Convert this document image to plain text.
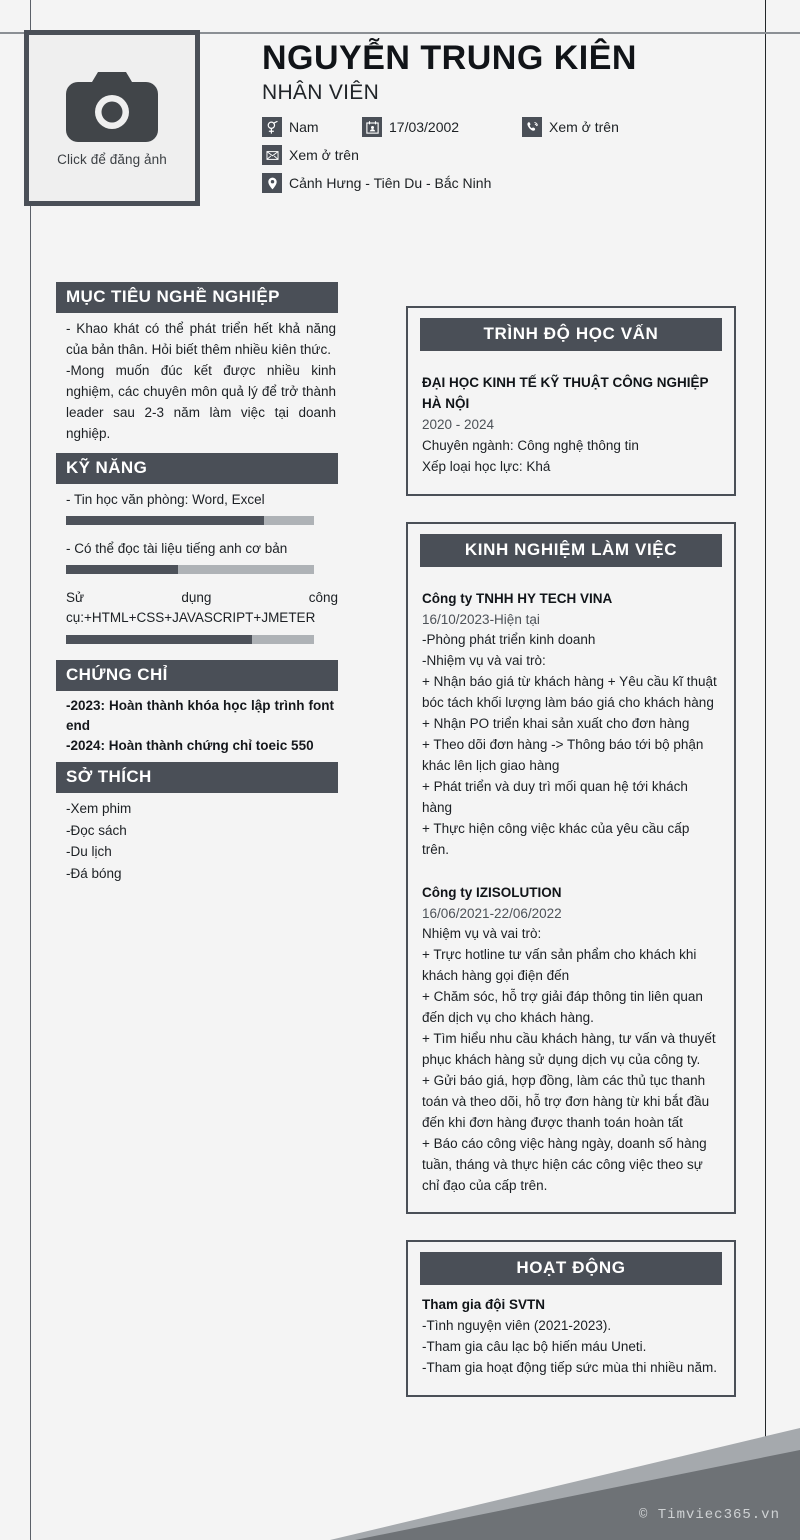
Click để đăng ảnh
NGUYỄN TRUNG KIÊN
NHÂN VIÊN
Nam	17/03/2002	Xem ở trên
Xem ở trên
Cảnh Hưng - Tiên Du - Bắc Ninh
MỤC TIÊU NGHỀ NGHIỆP

- Khao khát có thể phát triển hết khả năng của bản thân. Hỏi biết thêm nhiều kiên thức.

-Mong muốn đúc kết được nhiều kinh nghiệm, các chuyên môn quả lý để trở thành leader sau 2-3 năm làm việc tại doanh nghiệp.

KỸ NĂNG
- Tin học văn phòng: Word, Excel
- Có thể đọc tài liệu tiếng anh cơ bản
Sử dụng công cụ:+HTML+CSS+JAVASCRIPT+JMETER
CHỨNG CHỈ

-2023: Hoàn thành khóa học lập trình font end

-2024: Hoàn thành chứng chỉ toeic 550

SỞ THÍCH

-Xem phim

-Đọc sách

-Du lịch

-Đá bóng

TRÌNH ĐỘ HỌC VẤN

ĐẠI HỌC KINH TẾ KỸ THUẬT CÔNG NGHIỆP HÀ NỘI

2020 - 2024

Chuyên ngành: Công nghệ thông tin

Xếp loại học lực: Khá

KINH NGHIỆM LÀM VIỆC

Công ty TNHH HY TECH VINA

16/10/2023-Hiện tại

-Phòng phát triển kinh doanh

-Nhiệm vụ và vai trò:

+ Nhận báo giá từ khách hàng + Yêu cầu kĩ thuật bóc tách khối lượng làm báo giá cho khách hàng

+ Nhận PO triển khai sản xuất cho đơn hàng

+ Theo dõi đơn hàng -> Thông báo tới bộ phận khác lên lịch giao hàng

+ Phát triển và duy trì mối quan hệ tới khách hàng

+ Thực hiện công việc khác của yêu cầu cấp trên.

Công ty IZISOLUTION

16/06/2021-22/06/2022

Nhiệm vụ và vai trò:

+ Trực hotline tư vấn sản phẩm cho khách khi khách hàng gọi điện đến

+ Chăm sóc, hỗ trợ giải đáp thông tin liên quan đến dịch vụ cho khách hàng.

+ Tìm hiểu nhu cầu khách hàng, tư vấn và thuyết phục khách hàng sử dụng dịch vụ của công ty.

+ Gửi báo giá, hợp đồng, làm các thủ tục thanh toán và theo dõi, hỗ trợ đơn hàng từ khi bắt đầu đến khi đơn hàng được thanh toán hoàn tất

+ Báo cáo công việc hàng ngày, doanh số hàng tuần, tháng và thực hiện các công việc theo sự chỉ đạo của cấp trên.

HOẠT ĐỘNG

Tham gia đội SVTN

-Tình nguyện viên (2021-2023).

-Tham gia câu lạc bộ hiến máu Uneti.

-Tham gia hoạt động tiếp sức mùa thi nhiều năm.

© Timviec365.vn
